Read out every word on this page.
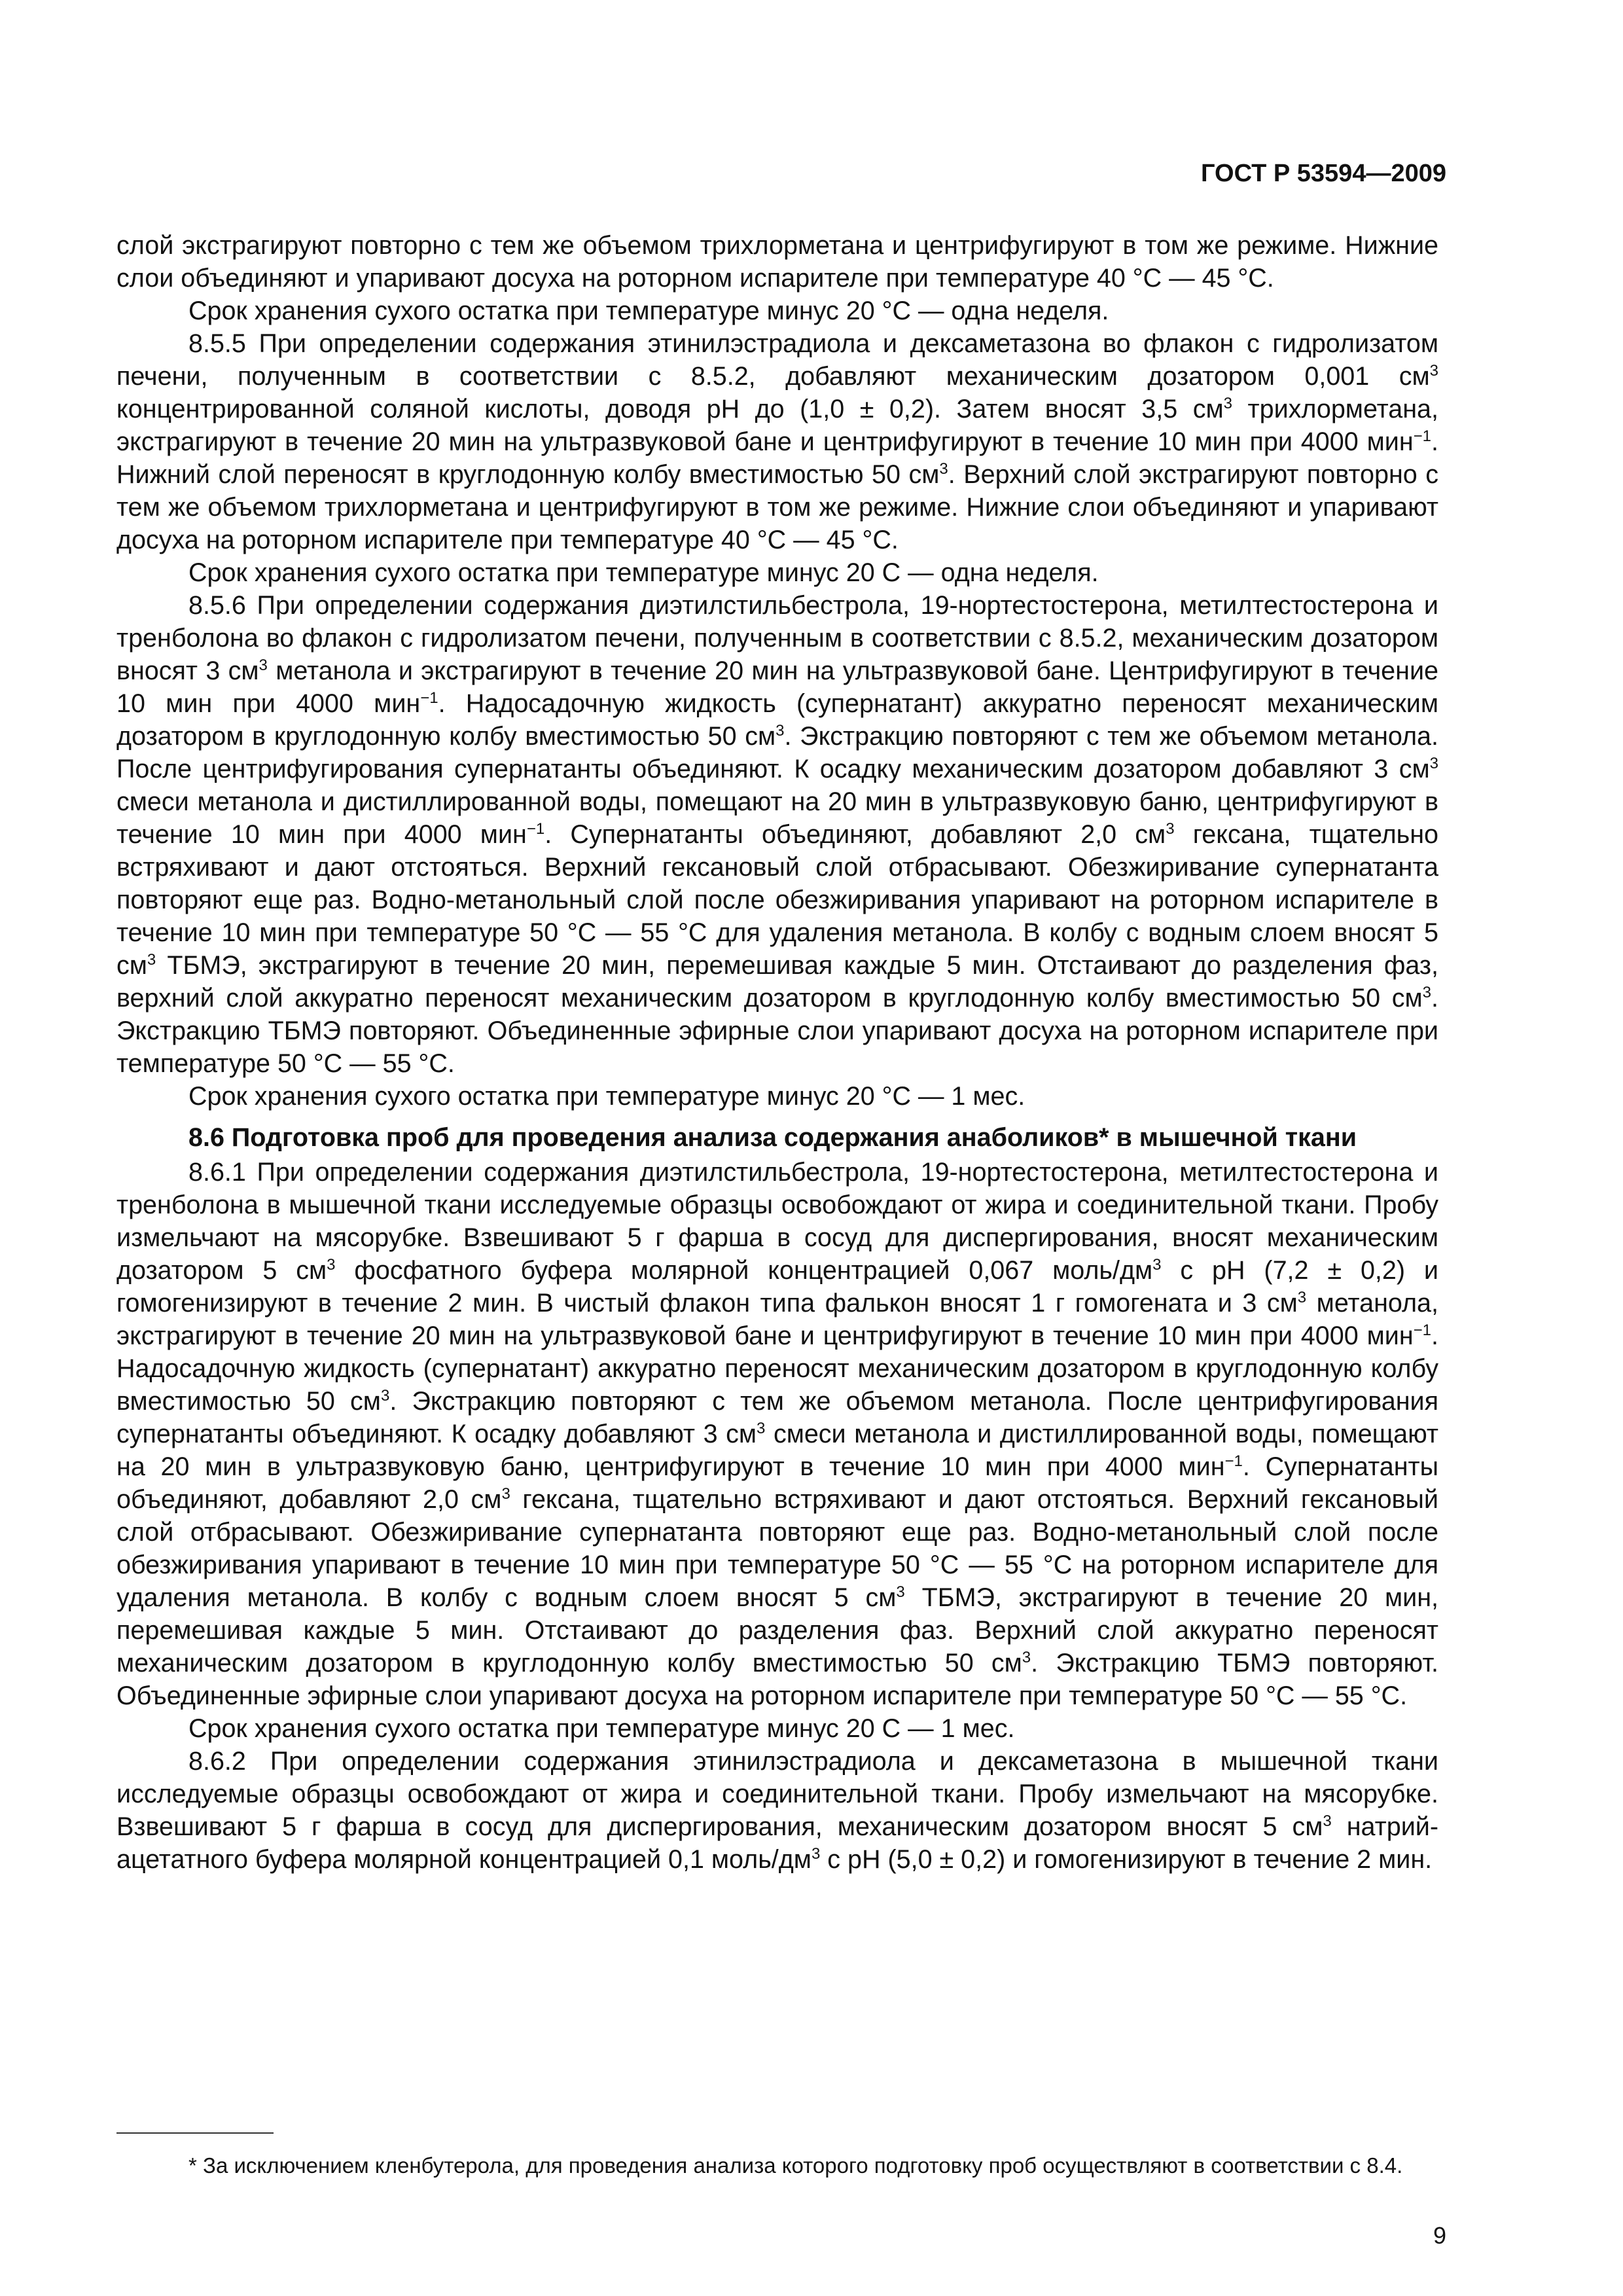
ГОСТ Р 53594—2009

слой экстрагируют повторно с тем же объемом трихлорметана и центрифугируют в том же режиме. Нижние слои объединяют и упаривают досуха на роторном испарителе при температуре 40 °C — 45 °C.

Срок хранения сухого остатка при температуре минус 20 °C — одна неделя.

8.5.5 При определении содержания этинилэстрадиола и дексаметазона во флакон с гидролизатом печени, полученным в соответствии с 8.5.2, добавляют механическим дозатором 0,001 $см^3$ концентрированной соляной кислоты, доводя pH до (1,0 ± 0,2). Затем вносят 3,5 $см^3$ трихлорметана, экстрагируют в течение 20 мин на ультразвуковой бане и центрифугируют в течение 10 мин при 4000 мин$^{-1}$. Нижний слой переносят в круглодонную колбу вместимостью 50 $см^3$. Верхний слой экстрагируют повторно с тем же объемом трихлорметана и центрифугируют в том же режиме. Нижние слои объединяют и упаривают досуха на роторном испарителе при температуре 40 °C — 45 °C.

Срок хранения сухого остатка при температуре минус 20 С — одна неделя.

8.5.6 При определении содержания диэтилстильбестрола, 19-нортестостерона, метилтестостерона и тренболона во флакон с гидролизатом печени, полученным в соответствии с 8.5.2, механическим дозатором вносят 3 $см^3$ метанола и экстрагируют в течение 20 мин на ультразвуковой бане. Центрифугируют в течение 10 мин при 4000 мин$^{-1}$. Надосадочную жидкость (супернатант) аккуратно переносят механическим дозатором в круглодонную колбу вместимостью 50 $см^3$. Экстракцию повторяют с тем же объемом метанола. После центрифугирования супернатанты объединяют. К осадку механическим дозатором добавляют 3 $см^3$ смеси метанола и дистиллированной воды, помещают на 20 мин в ультразвуковую баню, центрифугируют в течение 10 мин при 4000 мин$^{-1}$. Супернатанты объединяют, добавляют 2,0 $см^3$ гексана, тщательно встряхивают и дают отстояться. Верхний гексановый слой отбрасывают. Обезжиривание супернатанта повторяют еще раз. Водно-метанольный слой после обезжиривания упаривают на роторном испарителе в течение 10 мин при температуре 50 °C — 55 °C для удаления метанола. В колбу с водным слоем вносят 5 $см^3$ ТБМЭ, экстрагируют в течение 20 мин, перемешивая каждые 5 мин. Отстаивают до разделения фаз, верхний слой аккуратно переносят механическим дозатором в круглодонную колбу вместимостью 50 $см^3$. Экстракцию ТБМЭ повторяют. Объединенные эфирные слои упаривают досуха на роторном испарителе при температуре 50 °C — 55 °C.

Срок хранения сухого остатка при температуре минус 20 °C — 1 мес.

8.6 Подготовка проб для проведения анализа содержания анаболиков* в мышечной ткани

8.6.1 При определении содержания диэтилстильбестрола, 19-нортестостерона, метилтестостерона и тренболона в мышечной ткани исследуемые образцы освобождают от жира и соединительной ткани. Пробу измельчают на мясорубке. Взвешивают 5 г фарша в сосуд для диспергирования, вносят механическим дозатором 5 $см^3$ фосфатного буфера молярной концентрацией 0,067 моль/$дм^3$ с pH (7,2 ± 0,2) и гомогенизируют в течение 2 мин. В чистый флакон типа фалькон вносят 1 г гомогената и 3 $см^3$ метанола, экстрагируют в течение 20 мин на ультразвуковой бане и центрифугируют в течение 10 мин при 4000 мин$^{-1}$. Надосадочную жидкость (супернатант) аккуратно переносят механическим дозатором в круглодонную колбу вместимостью 50 $см^3$. Экстракцию повторяют с тем же объемом метанола. После центрифугирования супернатанты объединяют. К осадку добавляют 3 $см^3$ смеси метанола и дистиллированной воды, помещают на 20 мин в ультразвуковую баню, центрифугируют в течение 10 мин при 4000 мин$^{-1}$. Супернатанты объединяют, добавляют 2,0 $см^3$ гексана, тщательно встряхивают и дают отстояться. Верхний гексановый слой отбрасывают. Обезжиривание супернатанта повторяют еще раз. Водно-метанольный слой после обезжиривания упаривают в течение 10 мин при температуре 50 °C — 55 °C на роторном испарителе для удаления метанола. В колбу с водным слоем вносят 5 $см^3$ ТБМЭ, экстрагируют в течение 20 мин, перемешивая каждые 5 мин. Отстаивают до разделения фаз. Верхний слой аккуратно переносят механическим дозатором в круглодонную колбу вместимостью 50 $см^3$. Экстракцию ТБМЭ повторяют. Объединенные эфирные слои упаривают досуха на роторном испарителе при температуре 50 °C — 55 °C.

Срок хранения сухого остатка при температуре минус 20 С — 1 мес.

8.6.2 При определении содержания этинилэстрадиола и дексаметазона в мышечной ткани исследуемые образцы освобождают от жира и соединительной ткани. Пробу измельчают на мясорубке. Взвешивают 5 г фарша в сосуд для диспергирования, механическим дозатором вносят 5 $см^3$ натрий-ацетатного буфера молярной концентрацией 0,1 моль/$дм^3$ с pH (5,0 ± 0,2) и гомогенизируют в течение 2 мин.

* За исключением кленбутерола, для проведения анализа которого подготовку проб осуществляют в соответствии с 8.4.
9
